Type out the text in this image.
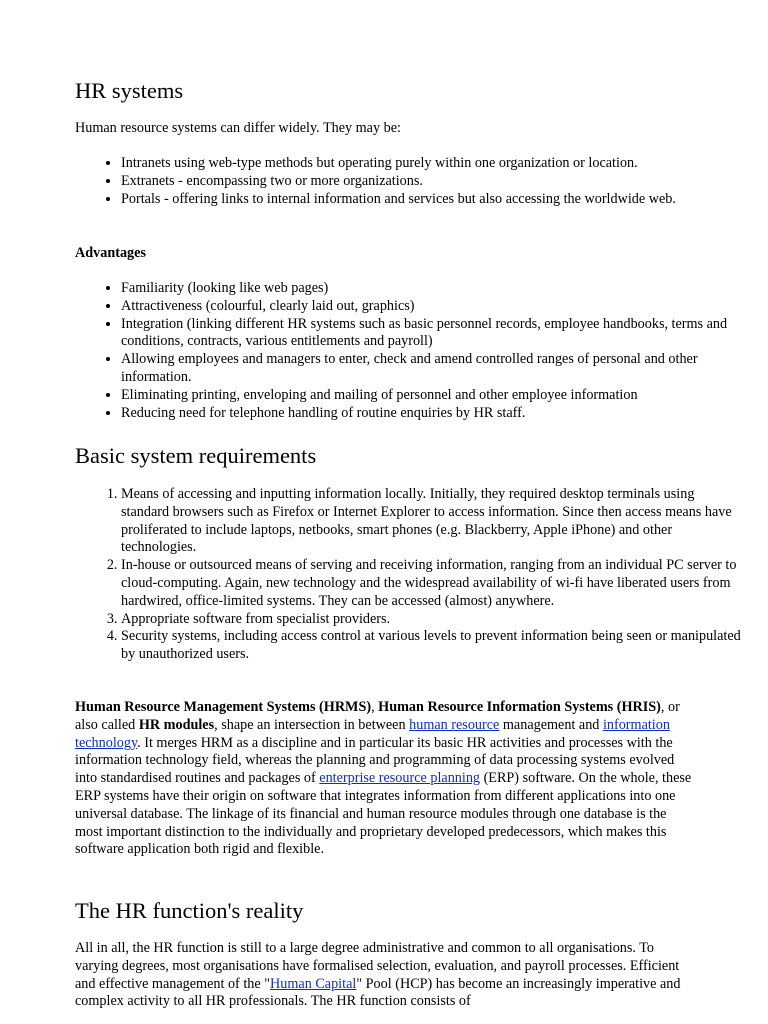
HR systems

Human resource systems can differ widely. They may be:

• Intranets using web-type methods but operating purely within one organization or location.
• Extranets - encompassing two or more organizations.
• Portals - offering links to internal information and services but also accessing the worldwide web.

Advantages

• Familiarity (looking like web pages)
• Attractiveness (colourful, clearly laid out, graphics)
• Integration (linking different HR systems such as basic personnel records, employee handbooks, terms and conditions, contracts, various entitlements and payroll)
• Allowing employees and managers to enter, check and amend controlled ranges of personal and other information.
• Eliminating printing, enveloping and mailing of personnel and other employee information
• Reducing need for telephone handling of routine enquiries by HR staff.
Basic system requirements
1. Means of accessing and inputting information locally. Initially, they required desktop terminals using standard browsers such as Firefox or Internet Explorer to access information. Since then access means have proliferated to include laptops, netbooks, smart phones (e.g. Blackberry, Apple iPhone) and other technologies.
2. In-house or outsourced means of serving and receiving information, ranging from an individual PC server to cloud-computing. Again, new technology and the widespread availability of wi-fi have liberated users from hardwired, office-limited systems. They can be accessed (almost) anywhere.
3. Appropriate software from specialist providers.
4. Security systems, including access control at various levels to prevent information being seen or manipulated by unauthorized users.

Human Resource Management Systems (HRMS), Human Resource Information Systems (HRIS), or also called HR modules, shape an intersection in between human resource management and information technology. It merges HRM as a discipline and in particular its basic HR activities and processes with the information technology field, whereas the planning and programming of data processing systems evolved into standardised routines and packages of enterprise resource planning (ERP) software. On the whole, these ERP systems have their origin on software that integrates information from different applications into one universal database. The linkage of its financial and human resource modules through one database is the most important distinction to the individually and proprietary developed predecessors, which makes this software application both rigid and flexible.

The HR function's reality

All in all, the HR function is still to a large degree administrative and common to all organisations. To varying degrees, most organisations have formalised selection, evaluation, and payroll processes. Efficient and effective management of the "Human Capital" Pool (HCP) has become an increasingly imperative and complex activity to all HR professionals. The HR function consists of
